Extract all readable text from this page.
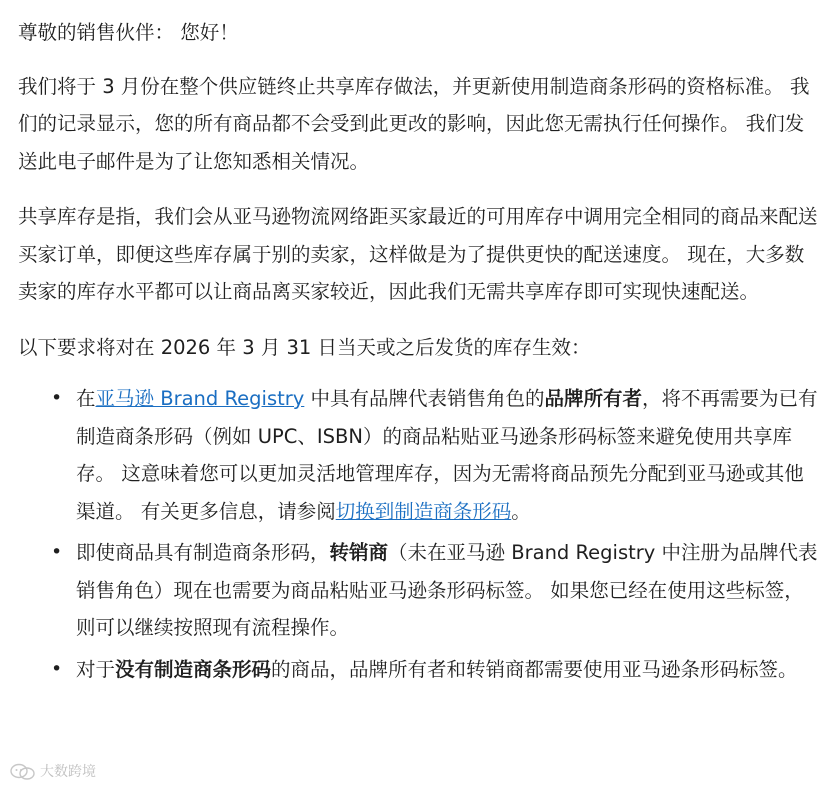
尊敬的销售伙伴： 您好！

我们将于 3 月份在整个供应链终止共享库存做法，并更新使用制造商条形码的资格标准。 我们的记录显示，您的所有商品都不会受到此更改的影响，因此您无需执行任何操作。 我们发送此电子邮件是为了让您知悉相关情况。

共享库存是指，我们会从亚马逊物流网络距买家最近的可用库存中调用完全相同的商品来配送买家订单，即便这些库存属于别的卖家，这样做是为了提供更快的配送速度。 现在，大多数卖家的库存水平都可以让商品离买家较近，因此我们无需共享库存即可实现快速配送。

以下要求将对在 2026 年 3 月 31 日当天或之后发货的库存生效：

• 在亚马逊 Brand Registry 中具有品牌代表销售角色的品牌所有者，将不再需要为已有制造商条形码（例如 UPC、ISBN）的商品粘贴亚马逊条形码标签来避免使用共享库存。 这意味着您可以更加灵活地管理库存，因为无需将商品预先分配到亚马逊或其他渠道。 有关更多信息，请参阅切换到制造商条形码。
• 即使商品具有制造商条形码，转销商（未在亚马逊 Brand Registry 中注册为品牌代表销售角色）现在也需要为商品粘贴亚马逊条形码标签。 如果您已经在使用这些标签，则可以继续按照现有流程操作。
• 对于没有制造商条形码的商品，品牌所有者和转销商都需要使用亚马逊条形码标签。
大数跨境
